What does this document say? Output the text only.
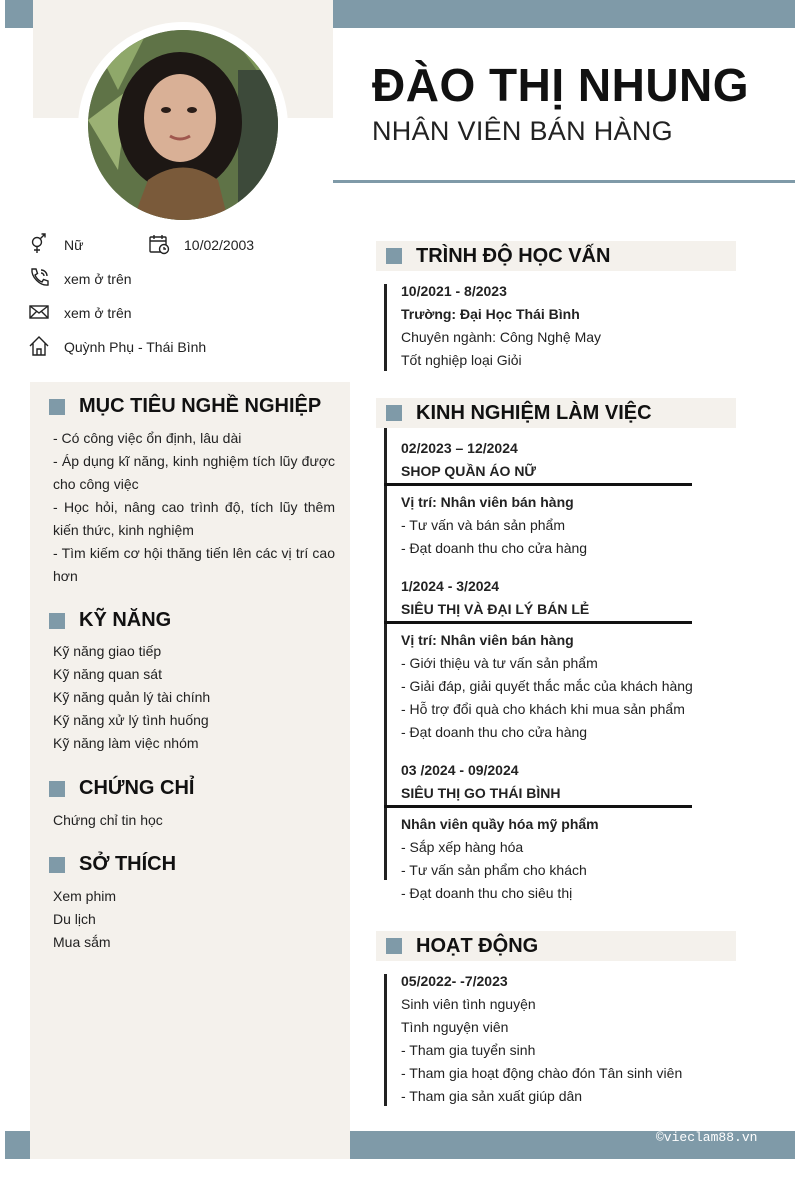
ĐÀO THỊ NHUNG
NHÂN VIÊN BÁN HÀNG
Nữ	10/02/2003
xem ở trên
xem ở trên
Quỳnh Phụ - Thái Bình
MỤC TIÊU NGHỀ NGHIỆP
- Có công việc ổn định, lâu dài
- Áp dụng kĩ năng, kinh nghiệm tích lũy được cho công việc
- Học hỏi, nâng cao trình độ, tích lũy thêm kiến thức, kinh nghiệm
- Tìm kiếm cơ hội thăng tiến lên các vị trí cao hơn
KỸ NĂNG
Kỹ năng giao tiếp
Kỹ năng quan sát
Kỹ năng quản lý tài chính
Kỹ năng xử lý tình huống
Kỹ năng làm việc nhóm
CHỨNG CHỈ
Chứng chỉ tin học
SỞ THÍCH
Xem phim
Du lịch
Mua sắm
TRÌNH ĐỘ HỌC VẤN
10/2021 - 8/2023
Trường: Đại Học Thái Bình
Chuyên ngành: Công Nghệ May
Tốt nghiệp loại Giỏi
KINH NGHIỆM LÀM VIỆC
02/2023 – 12/2024
SHOP QUẦN ÁO NỮ
Vị trí: Nhân viên bán hàng
- Tư vấn và bán sản phẩm
- Đạt doanh thu cho cửa hàng
1/2024 - 3/2024
SIÊU THỊ VÀ ĐẠI LÝ BÁN LẺ
Vị trí: Nhân viên bán hàng
- Giới thiệu và tư vấn sản phẩm
- Giải đáp, giải quyết thắc mắc của khách hàng
- Hỗ trợ đổi quà cho khách khi mua sản phẩm
- Đạt doanh thu cho cửa hàng
03 /2024 - 09/2024
SIÊU THỊ GO THÁI BÌNH
Nhân viên quầy hóa mỹ phẩm
- Sắp xếp hàng hóa
- Tư vấn sản phẩm cho khách
- Đạt doanh thu cho siêu thị
HOẠT ĐỘNG
05/2022- -7/2023
Sinh viên tình nguyện
Tình nguyện viên
- Tham gia tuyển sinh
- Tham gia hoạt động chào đón Tân sinh viên
- Tham gia sản xuất giúp dân
©vieclam88.vn
